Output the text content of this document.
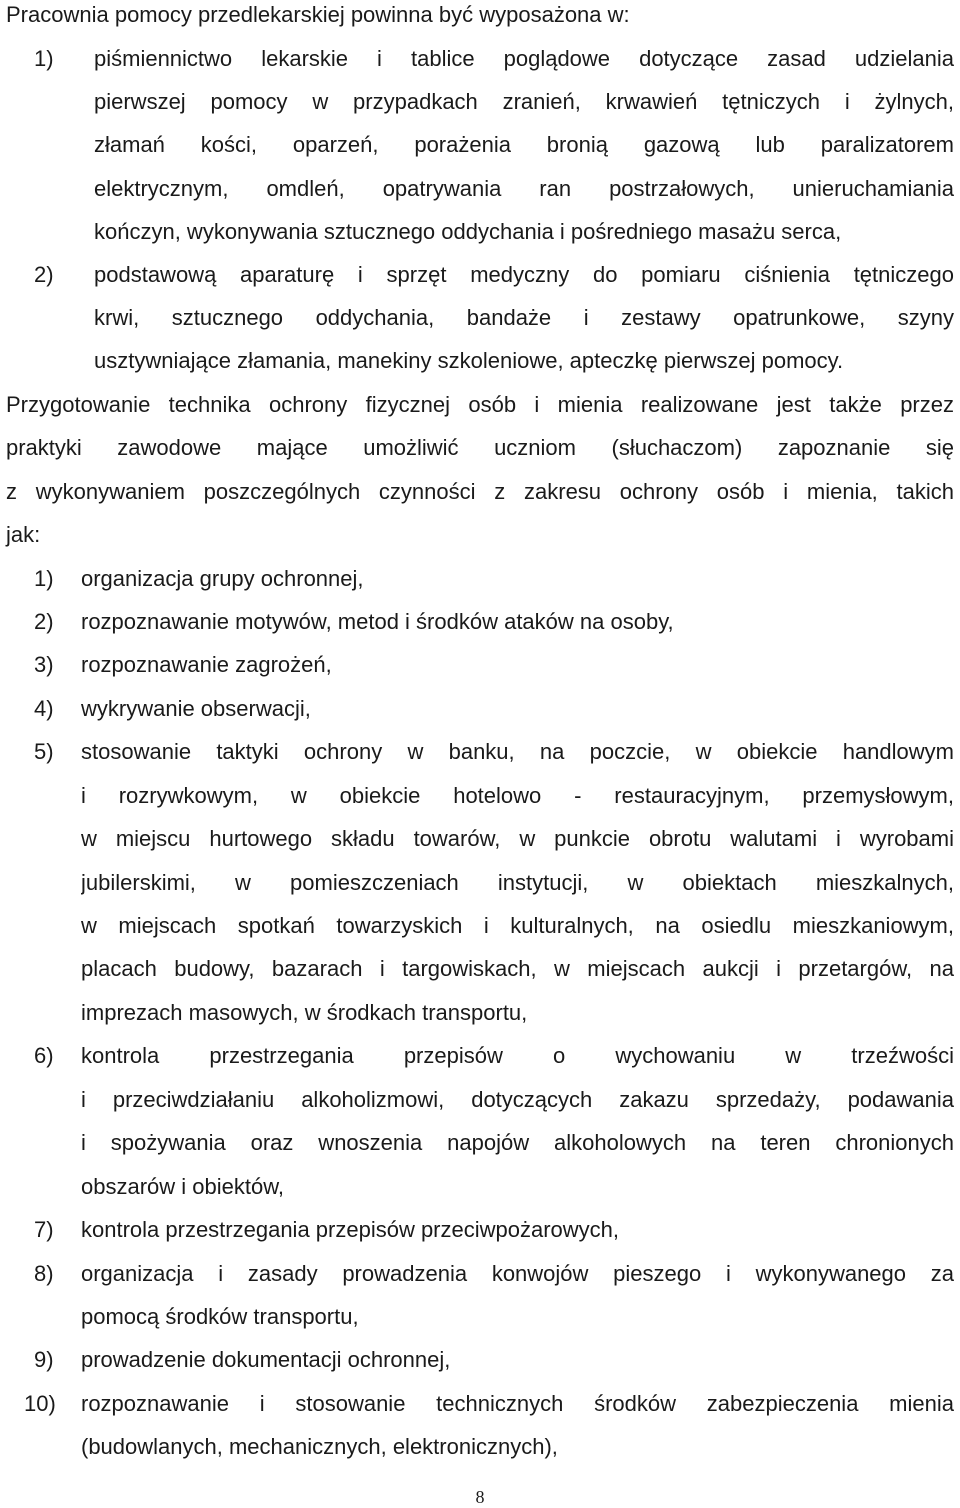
Pracownia pomocy przedlekarskiej powinna być wyposażona w:
1) piśmiennictwo lekarskie i tablice poglądowe dotyczące zasad udzielania
pierwszej pomocy w przypadkach zranień, krwawień tętniczych i żylnych,
złamań kości, oparzeń, porażenia bronią gazową lub paralizatorem
elektrycznym, omdleń, opatrywania ran postrzałowych, unieruchamiania
kończyn, wykonywania sztucznego oddychania i pośredniego masażu serca,
2) podstawową aparaturę i sprzęt medyczny do pomiaru ciśnienia tętniczego
krwi, sztucznego oddychania, bandaże i zestawy opatrunkowe, szyny
usztywniające złamania, manekiny szkoleniowe, apteczkę pierwszej pomocy.
Przygotowanie technika ochrony fizycznej osób i mienia realizowane jest także przez
praktyki zawodowe mające umożliwić uczniom (słuchaczom) zapoznanie się
z wykonywaniem poszczególnych czynności z zakresu ochrony osób i mienia, takich
jak:
1) organizacja grupy ochronnej,
2) rozpoznawanie motywów, metod i środków ataków na osoby,
3) rozpoznawanie zagrożeń,
4) wykrywanie obserwacji,
5) stosowanie taktyki ochrony w banku, na poczcie, w obiekcie handlowym
i rozrywkowym, w obiekcie hotelowo - restauracyjnym, przemysłowym,
w miejscu hurtowego składu towarów, w punkcie obrotu walutami i wyrobami
jubilerskimi, w pomieszczeniach instytucji, w obiektach mieszkalnych,
w miejscach spotkań towarzyskich i kulturalnych, na osiedlu mieszkaniowym,
placach budowy, bazarach i targowiskach, w miejscach aukcji i przetargów, na
imprezach masowych, w środkach transportu,
6) kontrola przestrzegania przepisów o wychowaniu w trzeźwości
i przeciwdziałaniu alkoholizmowi, dotyczących zakazu sprzedaży, podawania
i spożywania oraz wnoszenia napojów alkoholowych na teren chronionych
obszarów i obiektów,
7) kontrola przestrzegania przepisów przeciwpożarowych,
8) organizacja i zasady prowadzenia konwojów pieszego i wykonywanego za
pomocą środków transportu,
9) prowadzenie dokumentacji ochronnej,
10) rozpoznawanie i stosowanie technicznych środków zabezpieczenia mienia
(budowlanych, mechanicznych, elektronicznych),
8
